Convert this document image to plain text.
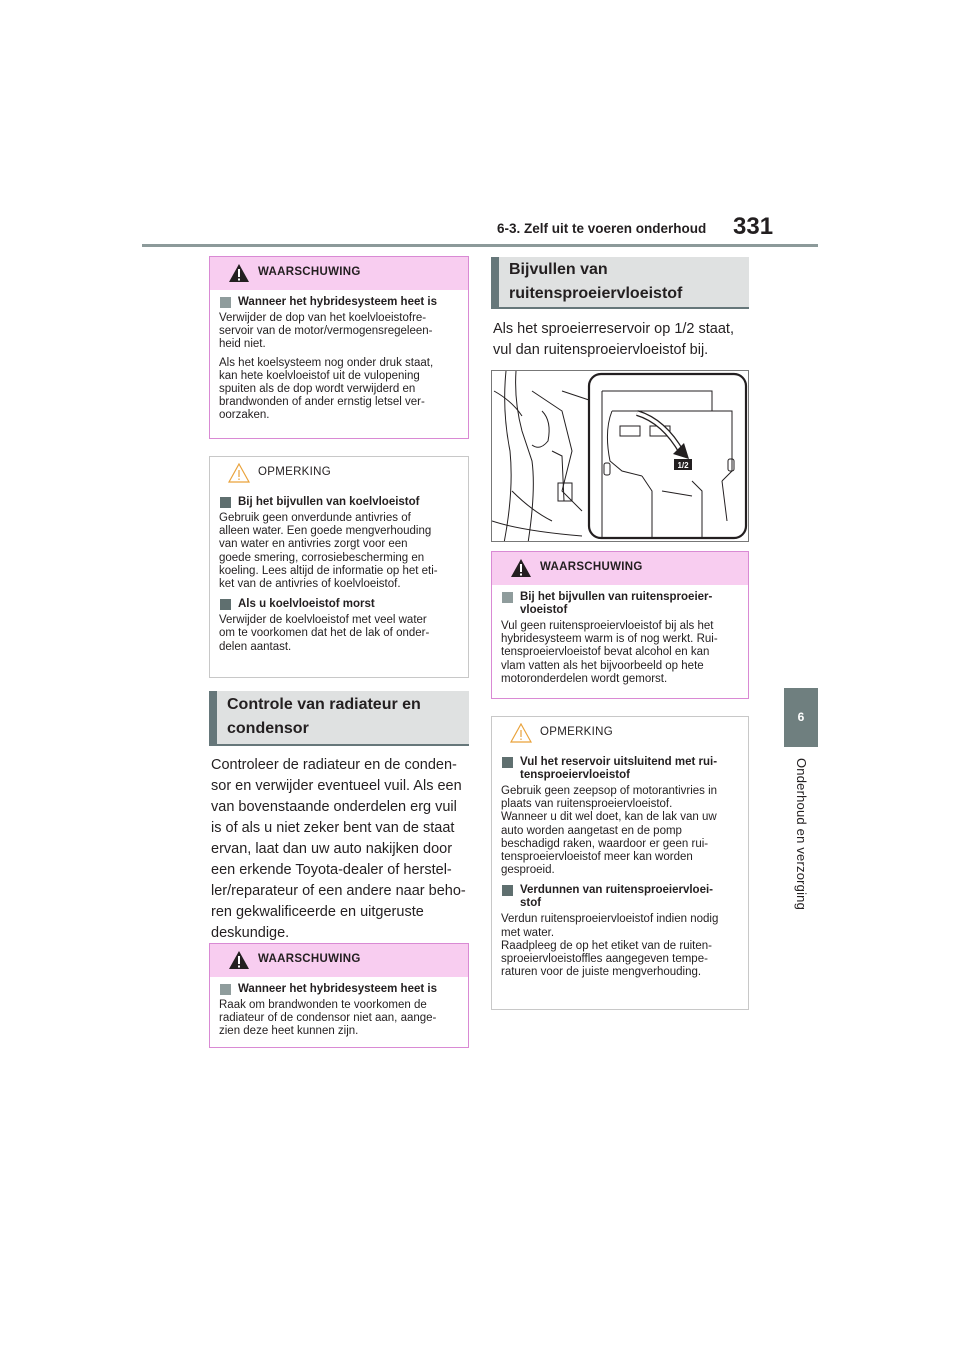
6-3. Zelf uit te voeren onderhoud 331
6
Onderhoud en verzorging
WAARSCHUWING
Wanneer het hybridesysteem heet is
Verwijder de dop van het koelvloeistofre-
servoir van de motor/vermogensregeleen-
heid niet.
Als het koelsysteem nog onder druk staat,
kan hete koelvloeistof uit de vulopening
spuiten als de dop wordt verwijderd en
brandwonden of ander ernstig letsel ver-
oorzaken.
OPMERKING
Bij het bijvullen van koelvloeistof
Gebruik geen onverdunde antivries of
alleen water. Een goede mengverhouding
van water en antivries zorgt voor een
goede smering, corrosiebescherming en
koeling. Lees altijd de informatie op het eti-
ket van de antivries of koelvloeistof.
Als u koelvloeistof morst
Verwijder de koelvloeistof met veel water
om te voorkomen dat het de lak of onder-
delen aantast.
Controle van radiateur en
condensor
Controleer de radiateur en de conden-
sor en verwijder eventueel vuil. Als een
van bovenstaande onderdelen erg vuil
is of als u niet zeker bent van de staat
ervan, laat dan uw auto nakijken door
een erkende Toyota-dealer of herstel-
ler/reparateur of een andere naar beho-
ren gekwalificeerde en uitgeruste
deskundige.
WAARSCHUWING
Wanneer het hybridesysteem heet is
Raak om brandwonden te voorkomen de
radiateur of de condensor niet aan, aange-
zien deze heet kunnen zijn.
Bijvullen van
ruitensproeiervloeistof
Als het sproeierreservoir op 1/2 staat,
vul dan ruitensproeiervloeistof bij.
1/2
WAARSCHUWING
Bij het bijvullen van ruitensproeier-
vloeistof
Vul geen ruitensproeiervloeistof bij als het
hybridesysteem warm is of nog werkt. Rui-
tensproeiervloeistof bevat alcohol en kan
vlam vatten als het bijvoorbeeld op hete
motoronderdelen wordt gemorst.
OPMERKING
Vul het reservoir uitsluitend met rui-
tensproeiervloeistof
Gebruik geen zeepsop of motorantivries in
plaats van ruitensproeiervloeistof.
Wanneer u dit wel doet, kan de lak van uw
auto worden aangetast en de pomp
beschadigd raken, waardoor er geen rui-
tensproeiervloeistof meer kan worden
gesproeid.
Verdunnen van ruitensproeiervloei-
stof
Verdun ruitensproeiervloeistof indien nodig
met water.
Raadpleeg de op het etiket van de ruiten-
sproeiervloeistoffles aangegeven tempe-
raturen voor de juiste mengverhouding.
